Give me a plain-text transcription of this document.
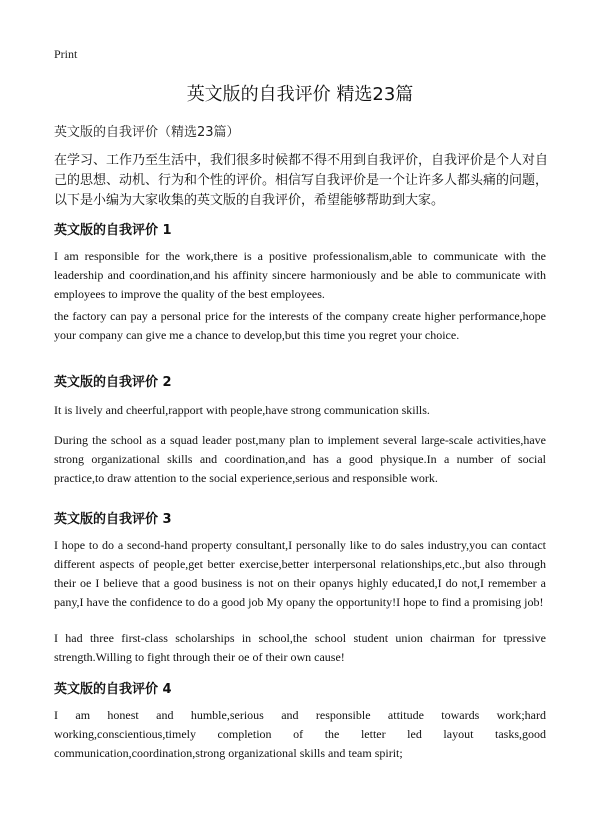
Print
英文版的自我评价 精选23篇
英文版的自我评价（精选23篇）
在学习、工作乃至生活中，我们很多时候都不得不用到自我评价，自我评价是个人对自己的思想、动机、行为和个性的评价。相信写自我评价是一个让许多人都头痛的问题，以下是小编为大家收集的英文版的自我评价，希望能够帮助到大家。
英文版的自我评价 1
I am responsible for the work,there is a positive professionalism,able to communicate with the leadership and coordination,and his affinity sincere harmoniously and be able to communicate with employees to improve the quality of the best employees.
the factory can pay a personal price for the interests of the company create higher performance,hope your company can give me a chance to develop,but this time you regret your choice.
英文版的自我评价 2
It is lively and cheerful,rapport with people,have strong communication skills.
During the school as a squad leader post,many plan to implement several large-scale activities,have strong organizational skills and coordination,and has a good physique.In a number of social practice,to draw attention to the social experience,serious and responsible work.
英文版的自我评价 3
I hope to do a second-hand property consultant,I personally like to do sales industry,you can contact different aspects of people,get better exercise,better interpersonal relationships,etc.,but also through their oe I believe that a good business is not on their opanys highly educated,I do not,I remember a pany,I have the confidence to do a good job My opany the opportunity!I hope to find a promising job!
I had three first-class scholarships in school,the school student union chairman for tpressive strength.Willing to fight through their oe of their own cause!
英文版的自我评价 4
I am honest and humble,serious and responsible attitude towards work;hard working,conscientious,timely completion of the letter led layout tasks,good communication,coordination,strong organizational skills and team spirit;
